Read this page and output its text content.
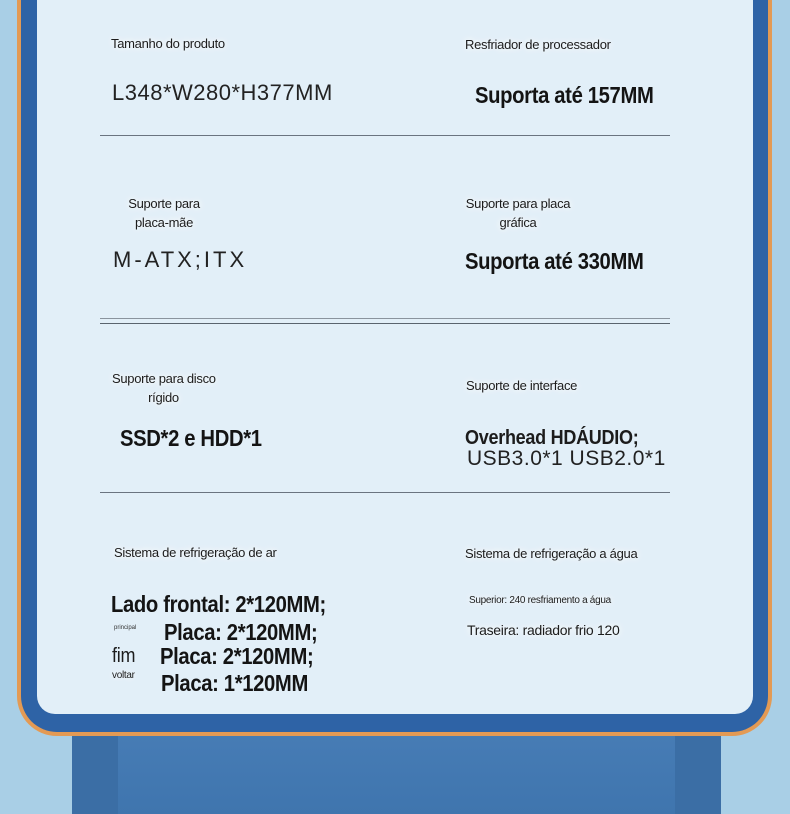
Tamanho do produto
L348*W280*H377MM
Resfriador de processador
Suporta até 157MM
Suporte para
placa-mãe
M-ATX;ITX
Suporte para placa
gráfica
Suporta até 330MM
Suporte para disco
rígido
SSD*2 e HDD*1
Suporte de interface
Overhead HDÁUDIO;
USB3.0*1 USB2.0*1
Sistema de refrigeração de ar
Lado frontal: 2*120MM;
principal Placa: 2*120MM;
fim Placa: 2*120MM;
voltar Placa: 1*120MM
Sistema de refrigeração a água
Superior: 240 resfriamento a água
Traseira: radiador frio 120
